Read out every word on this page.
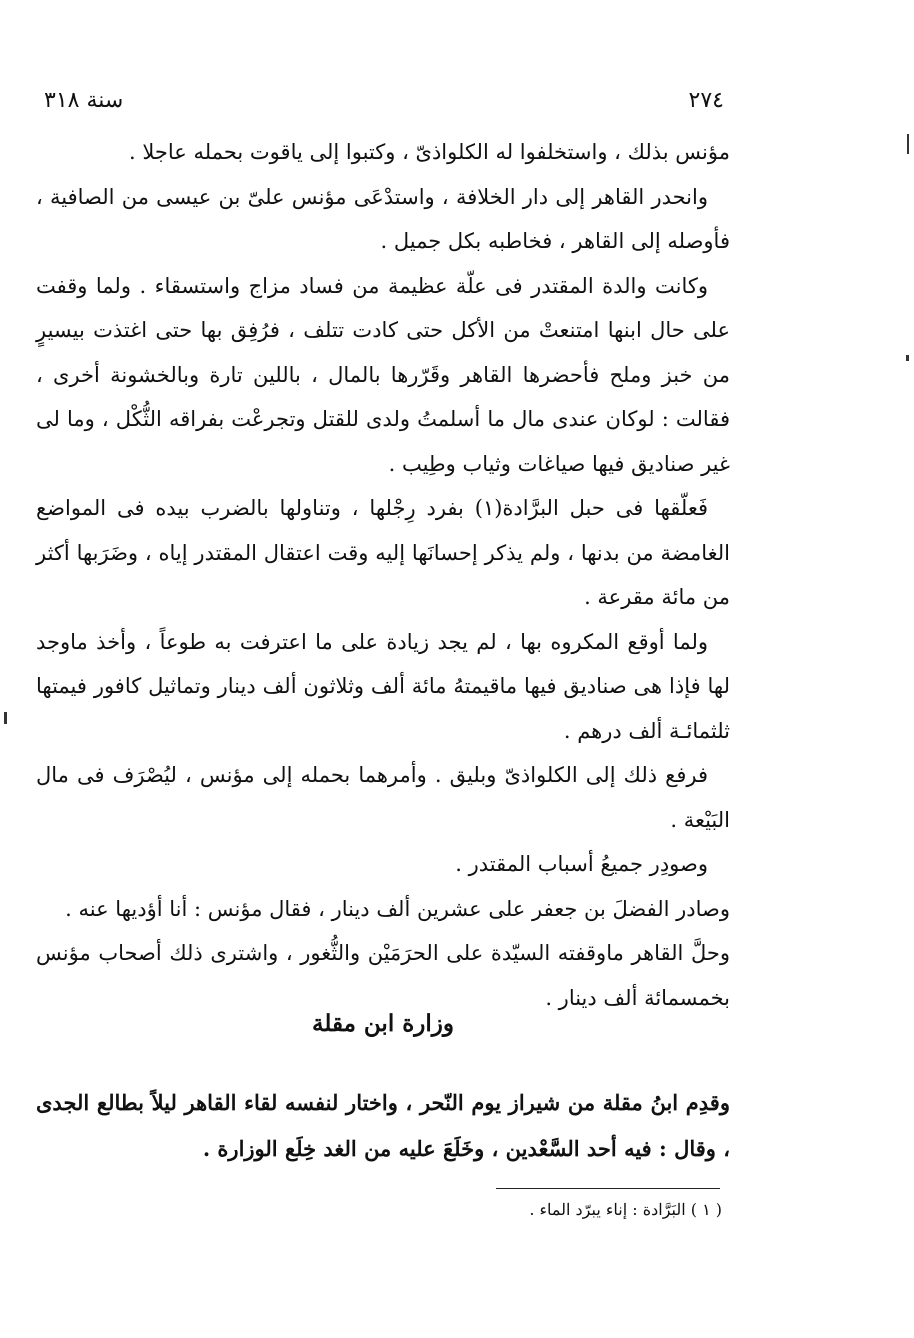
٢٧٤
سنة ٣١٨

مؤنس بذلك ، واستخلفوا له الكلواذىّ ، وكتبوا إلى ياقوت بحمله عاجلا .

وانحدر القاهر إلى دار الخلافة ، واستدْعَى مؤنس علىّ بن عيسى من الصافية ، فأوصله إلى القاهر ، فخاطبه بكل جميل .

وكانت والدة المقتدر فى علّة عظيمة من فساد مزاج واستسقاء . ولما وقفت على حال ابنها امتنعتْ من الأكل حتى كادت تتلف ، فرُفِق بها حتى اغتذت بيسيرٍ من خبز وملح فأحضرها القاهر وقَرّرها بالمال ، باللين تارة وبالخشونة أخرى ، فقالت : لوكان عندى مال ما أسلمتُ ولدى للقتل وتجرعْت بفراقه الثُّكْل ، وما لى غير صناديق فيها صياغات وثياب وطِيب .

فَعلّقها فى حبل البرَّادة(١) بفرد رِجْلها ، وتناولها بالضرب بيده فى المواضع الغامضة من بدنها ، ولم يذكر إحسانَها إليه وقت اعتقال المقتدر إياه ، وضَرَبها أكثر من مائة مقرعة .

ولما أوقع المكروه بها ، لم يجد زيادة على ما اعترفت به طوعاً ، وأخذ ماوجد لها فإذا هى صناديق فيها ماقيمتهُ مائة ألف وثلاثون ألف دينار وتماثيل كافور فيمتها ثلثمائـة ألف درهم .

فرفع ذلك إلى الكلواذىّ وبليق . وأمرهما بحمله إلى مؤنس ، ليُصْرَف فى مال البَيْعة .

وصودِر جميعُ أسباب المقتدر .

وصادر الفضلَ بن جعفر على عشرين ألف دينار ، فقال مؤنس : أنا أؤديها عنه .

وحلَّ القاهر ماوقفته السيّدة على الحرَمَيْن والثُّغور ، واشترى ذلك أصحاب مؤنس بخمسمائة ألف دينار .

وزارة ابن مقلة
وقدِم ابنُ مقلة من شيراز يوم النّحر ، واختار لنفسه لقاء القاهر ليلاً بطالع الجدى ، وقال : فيه أحد السَّعْدين ، وخَلَعَ عليه من الغد خِلَع الوزارة .
( ١ ) البَرَّادة : إناء يبرّد الماء .
